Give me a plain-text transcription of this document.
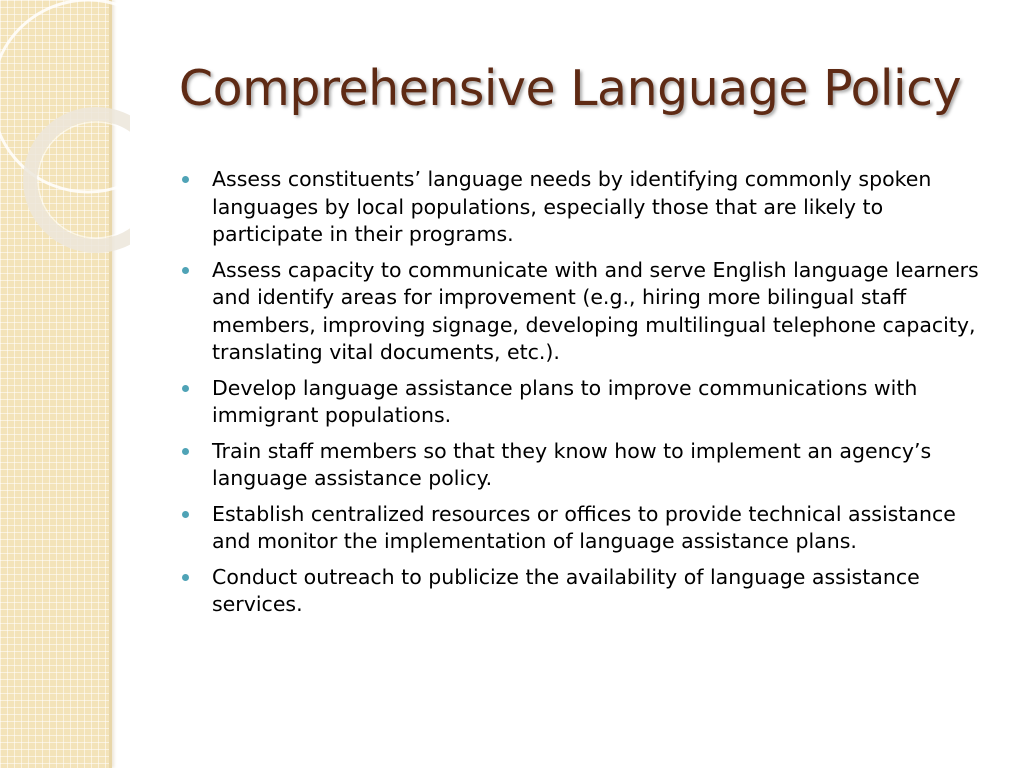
Comprehensive Language Policy
Assess constituents’ language needs by identifying commonly spoken languages by local populations, especially those that are likely to participate in their programs.
Assess capacity to communicate with and serve English language learners and identify areas for improvement (e.g., hiring more bilingual staff members, improving signage, developing multilingual telephone capacity, translating vital documents, etc.).
Develop language assistance plans to improve communications with immigrant populations.
Train staff members so that they know how to implement an agency’s language assistance policy.
Establish centralized resources or offices to provide technical assistance and monitor the implementation of language assistance plans.
Conduct outreach to publicize the availability of language assistance services.
